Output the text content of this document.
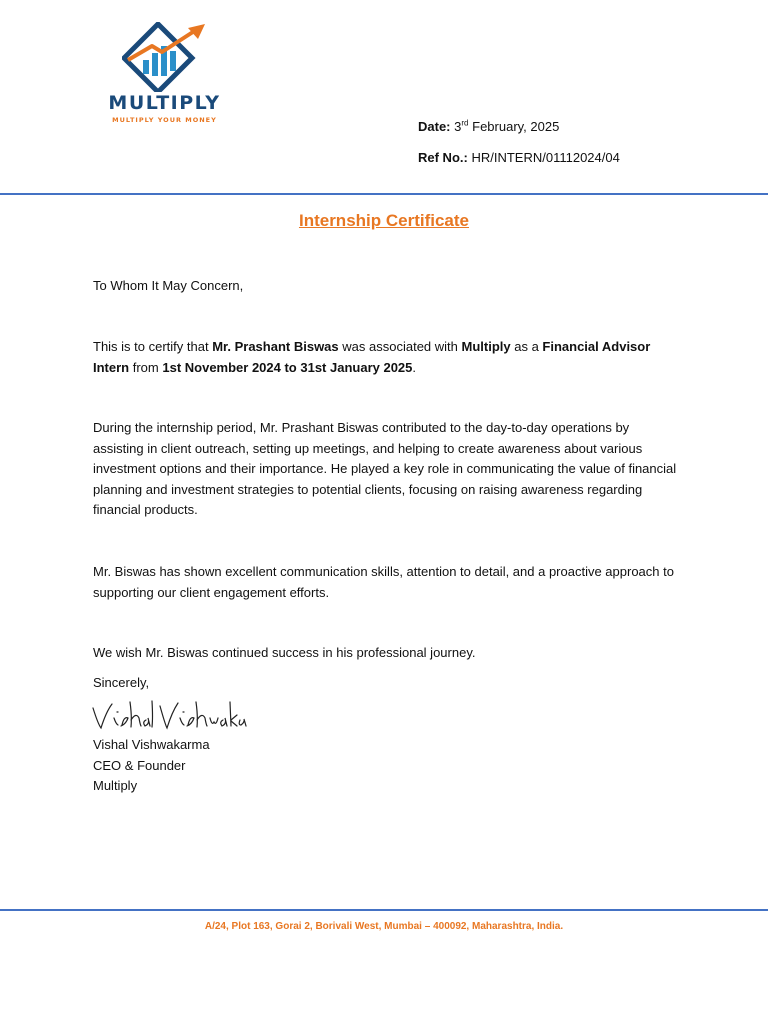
MULTIPLY
MULTIPLY YOUR MONEY	Date: 3rd February, 2025
Ref No.: HR/INTERN/01112024/04
Internship Certificate

To Whom It May Concern,

This is to certify that Mr. Prashant Biswas was associated with Multiply as a Financial Advisor Intern from 1st November 2024 to 31st January 2025.

During the internship period, Mr. Prashant Biswas contributed to the day-to-day operations by assisting in client outreach, setting up meetings, and helping to create awareness about various investment options and their importance. He played a key role in communicating the value of financial planning and investment strategies to potential clients, focusing on raising awareness regarding financial products.

Mr. Biswas has shown excellent communication skills, attention to detail, and a proactive approach to supporting our client engagement efforts.

We wish Mr. Biswas continued success in his professional journey.

Sincerely,

Vishal Vishwakarma
CEO & Founder
Multiply
A/24, Plot 163, Gorai 2, Borivali West, Mumbai – 400092, Maharashtra, India.
